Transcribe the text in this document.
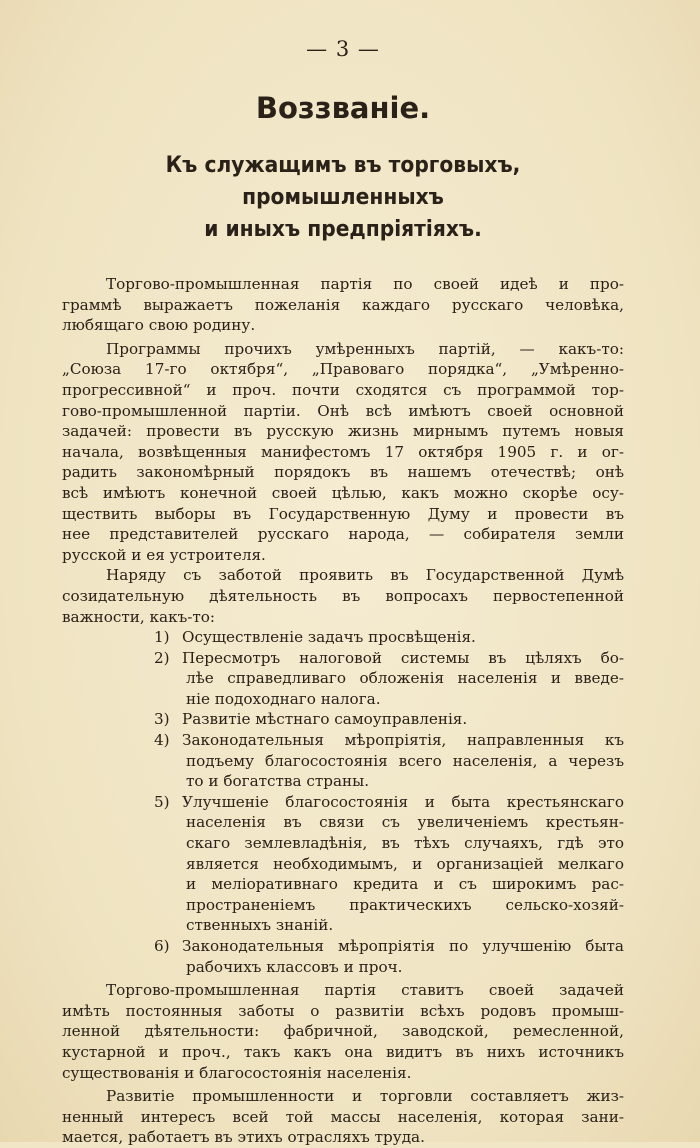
— 3 —
Воззваніе.
Къ служащимъ въ торговыхъ, промышленныхъ
и иныхъ предпріятіяхъ.
Торгово-промышленная партія по своей идеѣ и про-
граммѣ выражаетъ пожеланія каждаго русскаго человѣка,
любящаго свою родину.
Программы прочихъ умѣренныхъ партій, — какъ-то:
„Союза 17-го октября“, „Правоваго порядка“, „Умѣренно-
прогрессивной“ и проч. почти сходятся съ программой тор-
гово-промышленной партіи. Онѣ всѣ имѣютъ своей основной
задачей: провести въ русскую жизнь мирнымъ путемъ новыя
начала, возвѣщенныя манифестомъ 17 октября 1905 г. и ог-
радить закономѣрный порядокъ въ нашемъ отечествѣ; онѣ
всѣ имѣютъ конечной своей цѣлью, какъ можно скорѣе осу-
ществить выборы въ Государственную Думу и провести въ
нее представителей русскаго народа, — собирателя земли
русской и ея устроителя.
Наряду съ заботой проявить въ Государственной Думѣ
созидательную дѣятельность въ вопросахъ первостепенной
важности, какъ-то:
1) Осуществленіе задачъ просвѣщенія.
2) Пересмотръ налоговой системы въ цѣляхъ бо-
лѣе справедливаго обложенія населенія и введе-
ніе подоходнаго налога.
3) Развитіе мѣстнаго самоуправленія.
4) Законодательныя мѣропріятія, направленныя къ
подъему благосостоянія всего населенія, а черезъ
то и богатства страны.
5) Улучшеніе благосостоянія и быта крестьянскаго
населенія въ связи съ увеличеніемъ крестьян-
скаго землевладѣнія, въ тѣхъ случаяхъ, гдѣ это
является необходимымъ, и организаціей мелкаго
и меліоративнаго кредита и съ широкимъ рас-
пространеніемъ практическихъ сельско-хозяй-
ственныхъ знаній.
6) Законодательныя мѣропріятія по улучшенію быта
рабочихъ классовъ и проч.
Торгово-промышленная партія ставитъ своей задачей
имѣть постоянныя заботы о развитіи всѣхъ родовъ промыш-
ленной дѣятельности: фабричной, заводской, ремесленной,
кустарной и проч., такъ какъ она видитъ въ нихъ источникъ
существованія и благосостоянія населенія.
Развитіе промышленности и торговли составляетъ жиз-
ненный интересъ всей той массы населенія, которая зани-
мается, работаетъ въ этихъ отрасляхъ труда.
